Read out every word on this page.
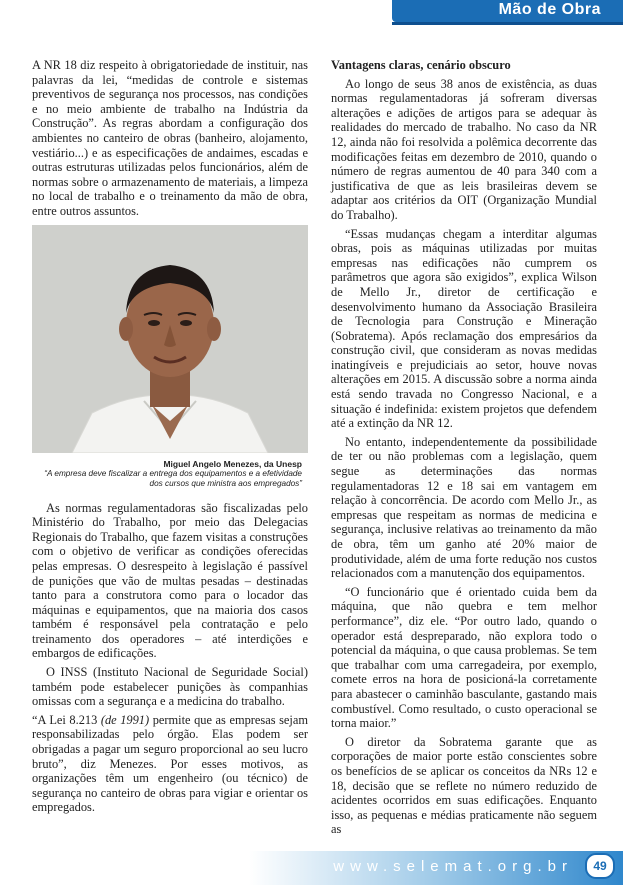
Mão de Obra

A NR 18 diz respeito à obrigatoriedade de instituir, nas palavras da lei, “medidas de controle e sistemas preventivos de segurança nos processos, nas condições e no meio ambiente de trabalho na Indústria da Construção”. As regras abordam a configuração dos ambientes no canteiro de obras (banheiro, alojamento, vestiário...) e as especificações de andaimes, escadas e outras estruturas utilizadas pelos funcionários, além de normas sobre o armazenamento de materiais, a limpeza no local de trabalho e o treinamento da mão de obra, entre outros assuntos.

Miguel Angelo Menezes, da Unesp
“A empresa deve fiscalizar a entrega dos equipamentos e a efetividade dos cursos que ministra aos empregados”

As normas regulamentadoras são fiscalizadas pelo Ministério do Trabalho, por meio das Delegacias Regionais do Trabalho, que fazem visitas a construções com o objetivo de verificar as condições oferecidas pelas empresas. O desrespeito à legislação é passível de punições que vão de multas pesadas – destinadas tanto para a construtora como para o locador das máquinas e equipamentos, que na maioria dos casos também é responsável pela contratação e pelo treinamento dos operadores – até interdições e embargos de edificações.

O INSS (Instituto Nacional de Seguridade Social) também pode estabelecer punições às companhias omissas com a segurança e a medicina do trabalho.

“A Lei 8.213 (de 1991) permite que as empresas sejam responsabilizadas pelo órgão. Elas podem ser obrigadas a pagar um seguro proporcional ao seu lucro bruto”, diz Menezes. Por esses motivos, as organizações têm um engenheiro (ou técnico) de segurança no canteiro de obras para vigiar e orientar os empregados.

Vantagens claras, cenário obscuro

Ao longo de seus 38 anos de existência, as duas normas regulamentadoras já sofreram diversas alterações e adições de artigos para se adequar às realidades do mercado de trabalho. No caso da NR 12, ainda não foi resolvida a polêmica decorrente das modificações feitas em dezembro de 2010, quando o número de regras aumentou de 40 para 340 com a justificativa de que as leis brasileiras devem se adaptar aos critérios da OIT (Organização Mundial do Trabalho).

“Essas mudanças chegam a interditar algumas obras, pois as máquinas utilizadas por muitas empresas nas edificações não cumprem os parâmetros que agora são exigidos”, explica Wilson de Mello Jr., diretor de certificação e desenvolvimento humano da Associação Brasileira de Tecnologia para Construção e Mineração (Sobratema). Após reclamação dos empresários da construção civil, que consideram as novas medidas inatingíveis e prejudiciais ao setor, houve novas alterações em 2015. A discussão sobre a norma ainda está sendo travada no Congresso Nacional, e a situação é indefinida: existem projetos que defendem até a extinção da NR 12.

No entanto, independentemente da possibilidade de ter ou não problemas com a legislação, quem segue as determinações das normas regulamentadoras 12 e 18 sai em vantagem em relação à concorrência. De acordo com Mello Jr., as empresas que respeitam as normas de medicina e segurança, inclusive relativas ao treinamento da mão de obra, têm um ganho até 20% maior de produtividade, além de uma forte redução nos custos relacionados com a manutenção dos equipamentos.

“O funcionário que é orientado cuida bem da máquina, que não quebra e tem melhor performance”, diz ele. “Por outro lado, quando o operador está despreparado, não explora todo o potencial da máquina, o que causa problemas. Se tem que trabalhar com uma carregadeira, por exemplo, comete erros na hora de posicioná-la corretamente para abastecer o caminhão basculante, gastando mais combustível. Como resultado, o custo operacional se torna maior.”

O diretor da Sobratema garante que as corporações de maior porte estão conscientes sobre os benefícios de se aplicar os conceitos da NRs 12 e 18, decisão que se reflete no número reduzido de acidentes ocorridos em suas edificações. Enquanto isso, as pequenas e médias praticamente não seguem as

www.selemat.org.br	49
